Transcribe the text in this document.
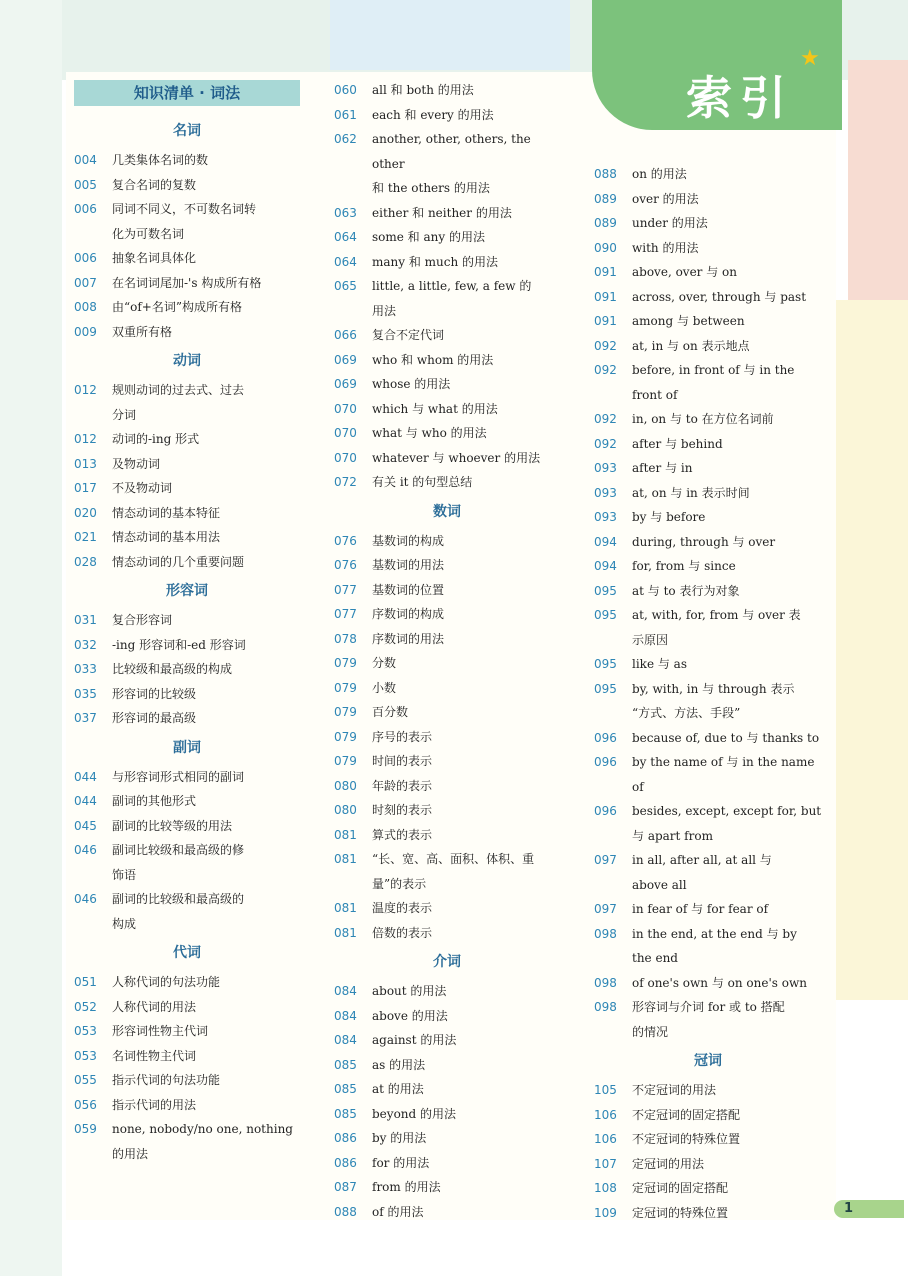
索引
★
知识清单 · 词法
名词
004	几类集体名词的数
005	复合名词的复数
006	同词不同义，不可数名词转
化为可数名词
006	抽象名词具体化
007	在名词词尾加-'s 构成所有格
008	由“of+名词”构成所有格
009	双重所有格
动词
012	规则动词的过去式、过去
分词
012	动词的-ing 形式
013	及物动词
017	不及物动词
020	情态动词的基本特征
021	情态动词的基本用法
028	情态动词的几个重要问题
形容词
031	复合形容词
032	-ing 形容词和-ed 形容词
033	比较级和最高级的构成
035	形容词的比较级
037	形容词的最高级
副词
044	与形容词形式相同的副词
044	副词的其他形式
045	副词的比较等级的用法
046	副词比较级和最高级的修
饰语
046	副词的比较级和最高级的
构成
代词
051	人称代词的句法功能
052	人称代词的用法
053	形容词性物主代词
053	名词性物主代词
055	指示代词的句法功能
056	指示代词的用法
059	none, nobody/no one, nothing
的用法
060	all 和 both 的用法
061	each 和 every 的用法
062	another, other, others, the other
和 the others 的用法
063	either 和 neither 的用法
064	some 和 any 的用法
064	many 和 much 的用法
065	little, a little, few, a few 的
用法
066	复合不定代词
069	who 和 whom 的用法
069	whose 的用法
070	which 与 what 的用法
070	what 与 who 的用法
070	whatever 与 whoever 的用法
072	有关 it 的句型总结
数词
076	基数词的构成
076	基数词的用法
077	基数词的位置
077	序数词的构成
078	序数词的用法
079	分数
079	小数
079	百分数
079	序号的表示
079	时间的表示
080	年龄的表示
080	时刻的表示
081	算式的表示
081	“长、宽、高、面积、体积、重
量”的表示
081	温度的表示
081	倍数的表示
介词
084	about 的用法
084	above 的用法
084	against 的用法
085	as 的用法
085	at 的用法
085	beyond 的用法
086	by 的用法
086	for 的用法
087	from 的用法
088	of 的用法
088	on 的用法
089	over 的用法
089	under 的用法
090	with 的用法
091	above, over 与 on
091	across, over, through 与 past
091	among 与 between
092	at, in 与 on 表示地点
092	before, in front of 与 in the
front of
092	in, on 与 to 在方位名词前
092	after 与 behind
093	after 与 in
093	at, on 与 in 表示时间
093	by 与 before
094	during, through 与 over
094	for, from 与 since
095	at 与 to 表行为对象
095	at, with, for, from 与 over 表
示原因
095	like 与 as
095	by, with, in 与 through 表示
“方式、方法、手段”
096	because of, due to 与 thanks to
096	by the name of 与 in the name of
096	besides, except, except for, but
与 apart from
097	in all, after all, at all 与
above all
097	in fear of 与 for fear of
098	in the end, at the end 与 by
the end
098	of one's own 与 on one's own
098	形容词与介词 for 或 to 搭配
的情况
冠词
105	不定冠词的用法
106	不定冠词的固定搭配
106	不定冠词的特殊位置
107	定冠词的用法
108	定冠词的固定搭配
109	定冠词的特殊位置	1
